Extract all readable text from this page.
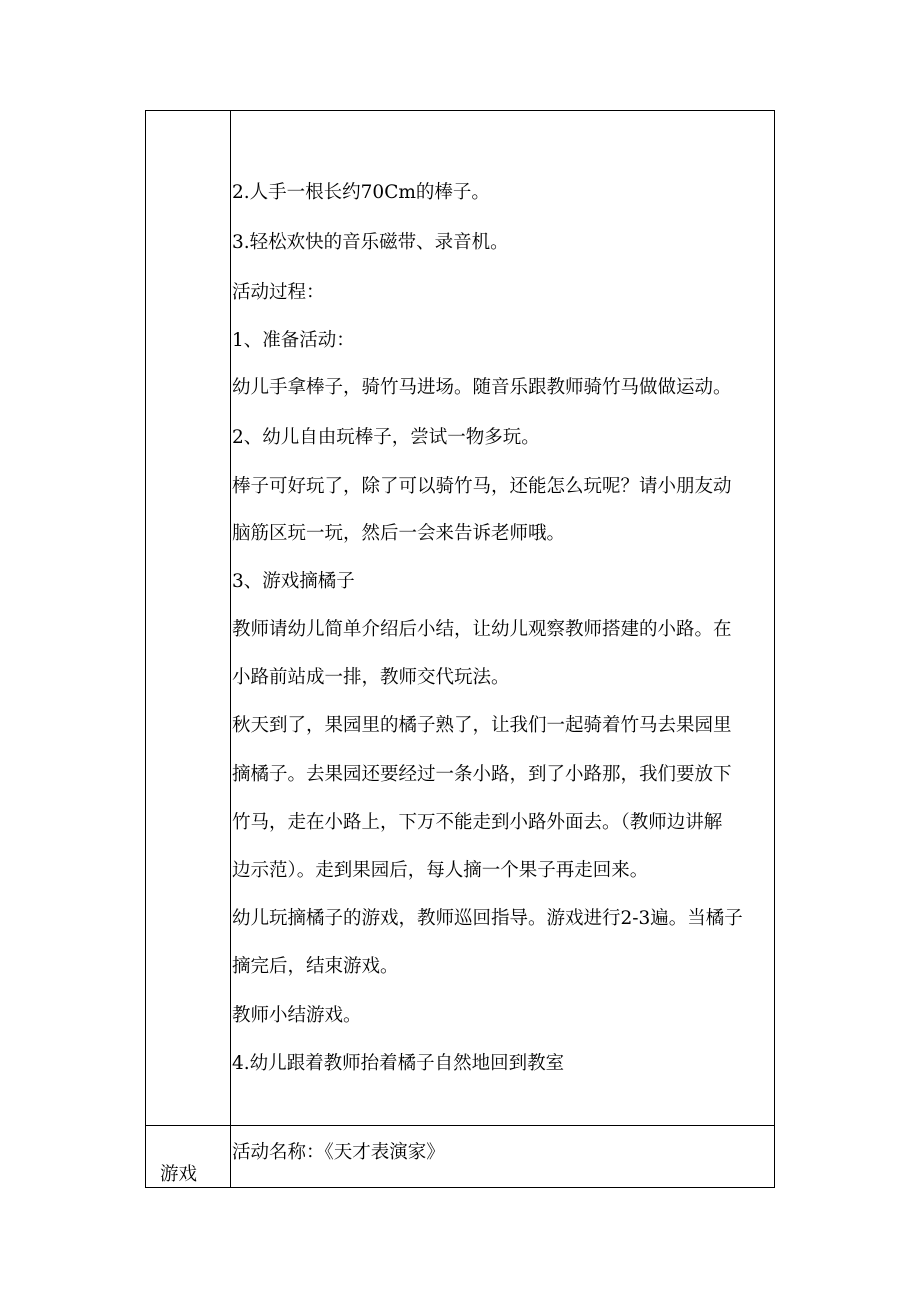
2.人手一根长约70Cm的棒子。
3.轻松欢快的音乐磁带、录音机。
活动过程：
1、准备活动：
幼儿手拿棒子，骑竹马进场。随音乐跟教师骑竹马做做运动。
2、幼儿自由玩棒子，尝试一物多玩。
棒子可好玩了，除了可以骑竹马，还能怎么玩呢？请小朋友动
脑筋区玩一玩，然后一会来告诉老师哦。
3、游戏摘橘子
教师请幼儿简单介绍后小结，让幼儿观察教师搭建的小路。在
小路前站成一排，教师交代玩法。
秋天到了，果园里的橘子熟了，让我们一起骑着竹马去果园里
摘橘子。去果园还要经过一条小路，到了小路那，我们要放下
竹马，走在小路上，下万不能走到小路外面去。（教师边讲解
边示范）。走到果园后，每人摘一个果子再走回来。
幼儿玩摘橘子的游戏，教师巡回指导。游戏进行2-3遍。当橘子
摘完后，结束游戏。
教师小结游戏。
4.幼儿跟着教师抬着橘子自然地回到教室
游戏
活动名称：《天才表演家》
